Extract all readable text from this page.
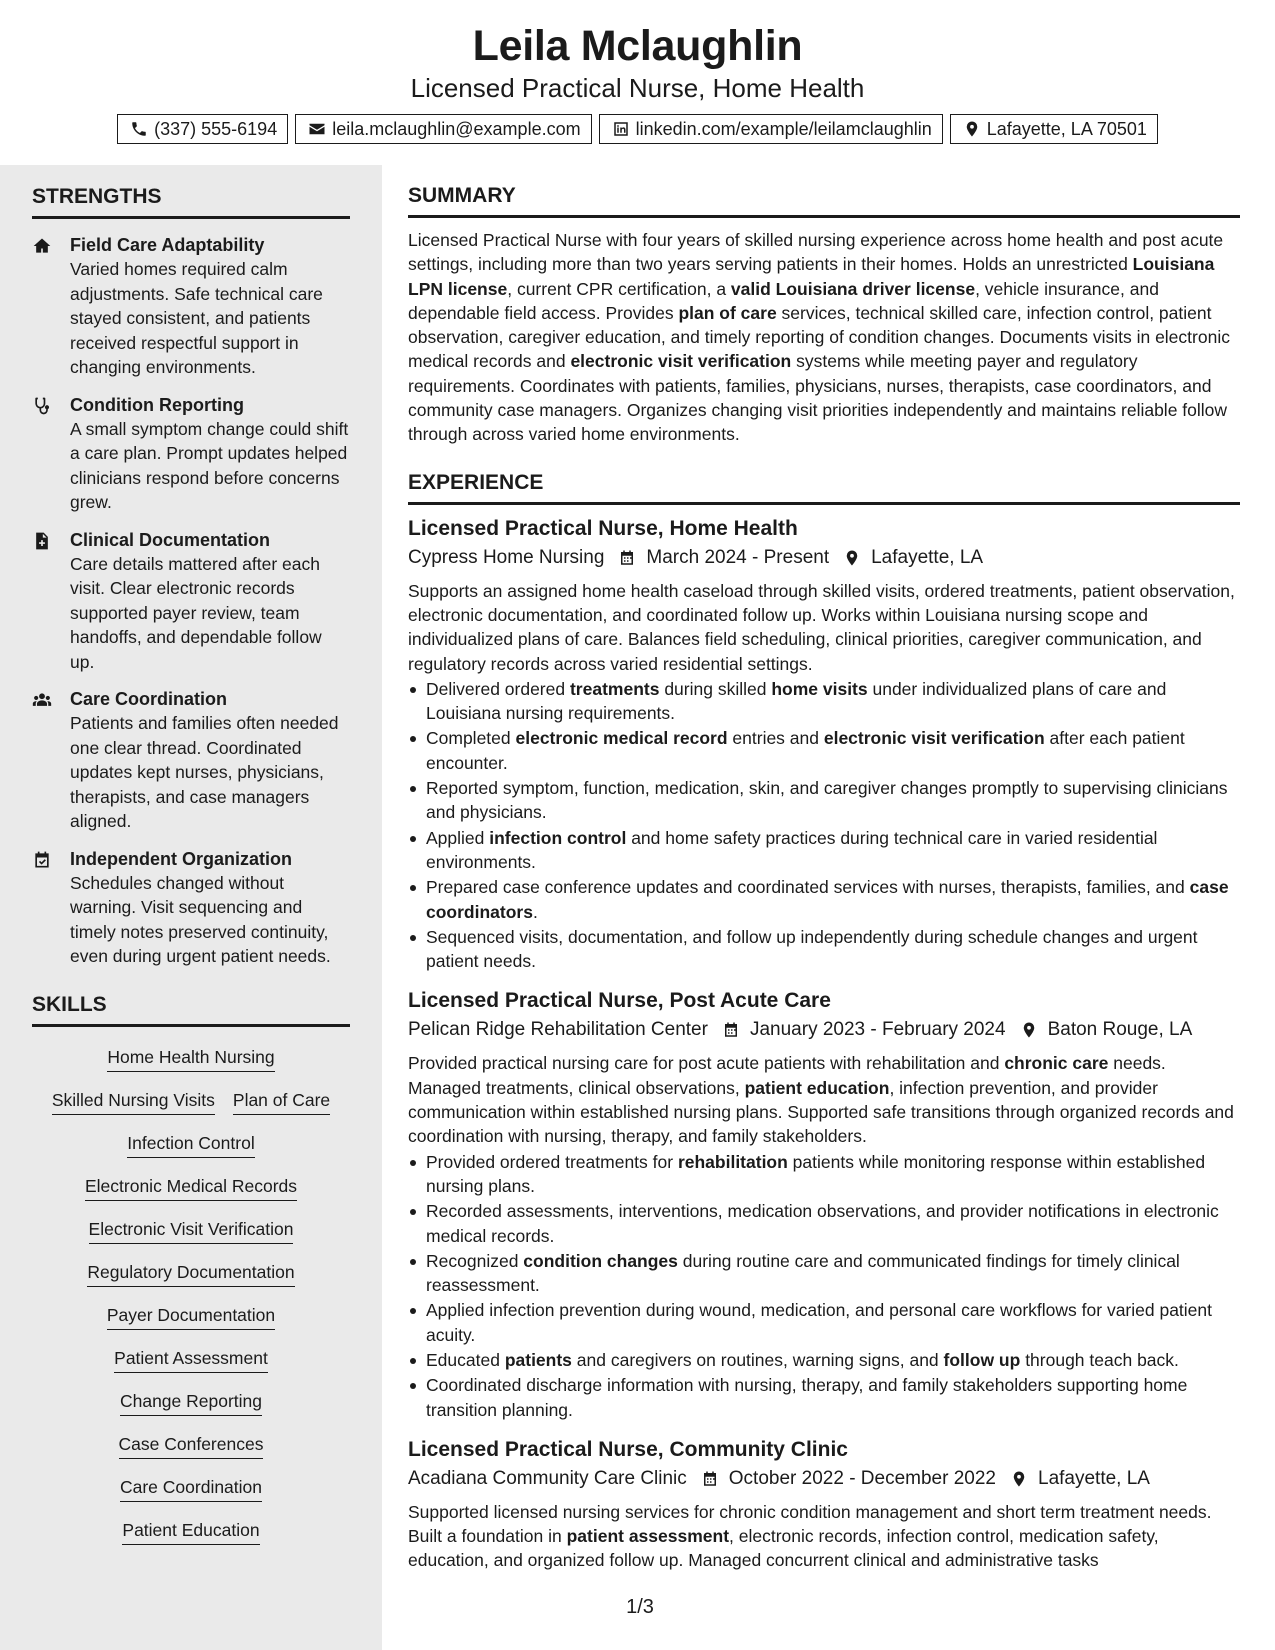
Leila Mclaughlin
Licensed Practical Nurse, Home Health
(337) 555-6194	leila.mclaughlin@example.com	linkedin.com/example/leilamclaughlin	Lafayette, LA 70501
STRENGTHS
Field Care Adaptability

Varied homes required calm adjustments. Safe technical care stayed consistent, and patients received respectful support in changing environments.

Condition Reporting

A small symptom change could shift a care plan. Prompt updates helped clinicians respond before concerns grew.

Clinical Documentation

Care details mattered after each visit. Clear electronic records supported payer review, team handoffs, and dependable follow up.

Care Coordination

Patients and families often needed one clear thread. Coordinated updates kept nurses, physicians, therapists, and case managers aligned.

Independent Organization

Schedules changed without warning. Visit sequencing and timely notes preserved continuity, even during urgent patient needs.

SKILLS
Home Health Nursing
Skilled Nursing Visits Plan of Care
Infection Control
Electronic Medical Records
Electronic Visit Verification
Regulatory Documentation
Payer Documentation
Patient Assessment
Change Reporting
Case Conferences
Care Coordination
Patient Education
SUMMARY
Licensed Practical Nurse with four years of skilled nursing experience across home health and post acute settings, including more than two years serving patients in their homes. Holds an unrestricted Louisiana LPN license, current CPR certification, a valid Louisiana driver license, vehicle insurance, and dependable field access. Provides plan of care services, technical skilled care, infection control, patient observation, caregiver education, and timely reporting of condition changes. Documents visits in electronic medical records and electronic visit verification systems while meeting payer and regulatory requirements. Coordinates with patients, families, physicians, nurses, therapists, case coordinators, and community case managers. Organizes changing visit priorities independently and maintains reliable follow through across varied home environments.
EXPERIENCE
Licensed Practical Nurse, Home Health
Cypress Home Nursing March 2024 - Present Lafayette, LA
Supports an assigned home health caseload through skilled visits, ordered treatments, patient observation, electronic documentation, and coordinated follow up. Works within Louisiana nursing scope and individualized plans of care. Balances field scheduling, clinical priorities, caregiver communication, and regulatory records across varied residential settings.
Delivered ordered treatments during skilled home visits under individualized plans of care and Louisiana nursing requirements.
Completed electronic medical record entries and electronic visit verification after each patient encounter.
Reported symptom, function, medication, skin, and caregiver changes promptly to supervising clinicians and physicians.
Applied infection control and home safety practices during technical care in varied residential environments.
Prepared case conference updates and coordinated services with nurses, therapists, families, and case coordinators.
Sequenced visits, documentation, and follow up independently during schedule changes and urgent patient needs.
Licensed Practical Nurse, Post Acute Care
Pelican Ridge Rehabilitation Center January 2023 - February 2024 Baton Rouge, LA
Provided practical nursing care for post acute patients with rehabilitation and chronic care needs. Managed treatments, clinical observations, patient education, infection prevention, and provider communication within established nursing plans. Supported safe transitions through organized records and coordination with nursing, therapy, and family stakeholders.
Provided ordered treatments for rehabilitation patients while monitoring response within established nursing plans.
Recorded assessments, interventions, medication observations, and provider notifications in electronic medical records.
Recognized condition changes during routine care and communicated findings for timely clinical reassessment.
Applied infection prevention during wound, medication, and personal care workflows for varied patient acuity.
Educated patients and caregivers on routines, warning signs, and follow up through teach back.
Coordinated discharge information with nursing, therapy, and family stakeholders supporting home transition planning.
Licensed Practical Nurse, Community Clinic
Acadiana Community Care Clinic October 2022 - December 2022 Lafayette, LA
Supported licensed nursing services for chronic condition management and short term treatment needs. Built a foundation in patient assessment, electronic records, infection control, medication safety, education, and organized follow up. Managed concurrent clinical and administrative tasks
1/3
